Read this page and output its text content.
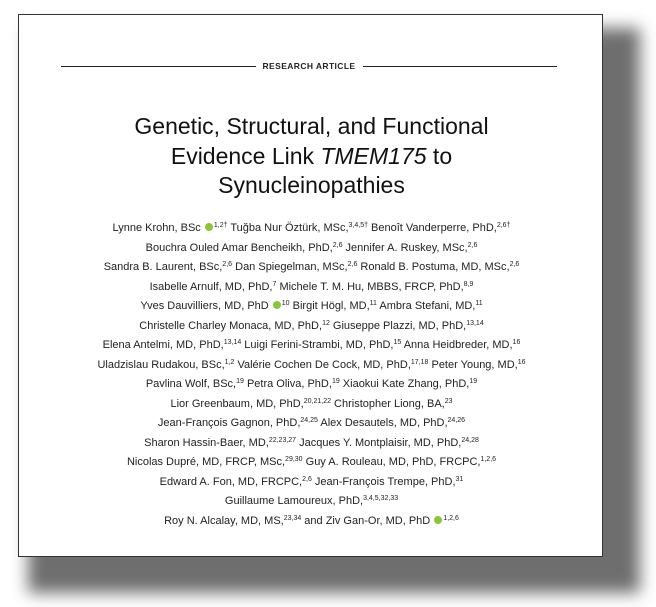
RESEARCH ARTICLE
Genetic, Structural, and Functional
Evidence Link TMEM175 to
Synucleinopathies
Lynne Krohn, BSc $^{1,2\dagger}$ Tuğba Nur Öztürk, MSc,$^{3,4,5\dagger}$ Benoît Vanderperre, PhD,$^{2,6\dagger}$
Bouchra Ouled Amar Bencheikh, PhD,$^{2,6}$ Jennifer A. Ruskey, MSc,$^{2,6}$
Sandra B. Laurent, BSc,$^{2,6}$ Dan Spiegelman, MSc,$^{2,6}$ Ronald B. Postuma, MD, MSc,$^{2,6}$
Isabelle Arnulf, MD, PhD,$^7$ Michele T. M. Hu, MBBS, FRCP, PhD,$^{8,9}$
Yves Dauvilliers, MD, PhD $^{10}$ Birgit Högl, MD,$^{11}$ Ambra Stefani, MD,$^{11}$
Christelle Charley Monaca, MD, PhD,$^{12}$ Giuseppe Plazzi, MD, PhD,$^{13,14}$
Elena Antelmi, MD, PhD,$^{13,14}$ Luigi Ferini-Strambi, MD, PhD,$^{15}$ Anna Heidbreder, MD,$^{16}$
Uladzislau Rudakou, BSc,$^{1,2}$ Valérie Cochen De Cock, MD, PhD,$^{17,18}$ Peter Young, MD,$^{16}$
Pavlina Wolf, BSc,$^{19}$ Petra Oliva, PhD,$^{19}$ Xiaokui Kate Zhang, PhD,$^{19}$
Lior Greenbaum, MD, PhD,$^{20,21,22}$ Christopher Liong, BA,$^{23}$
Jean-François Gagnon, PhD,$^{24,25}$ Alex Desautels, MD, PhD,$^{24,26}$
Sharon Hassin-Baer, MD,$^{22,23,27}$ Jacques Y. Montplaisir, MD, PhD,$^{24,28}$
Nicolas Dupré, MD, FRCP, MSc,$^{29,30}$ Guy A. Rouleau, MD, PhD, FRCPC,$^{1,2,6}$
Edward A. Fon, MD, FRCPC,$^{2,6}$ Jean-François Trempe, PhD,$^{31}$
Guillaume Lamoureux, PhD,$^{3,4,5,32,33}$
Roy N. Alcalay, MD, MS,$^{23,34}$ and Ziv Gan-Or, MD, PhD $^{1,2,6}$
